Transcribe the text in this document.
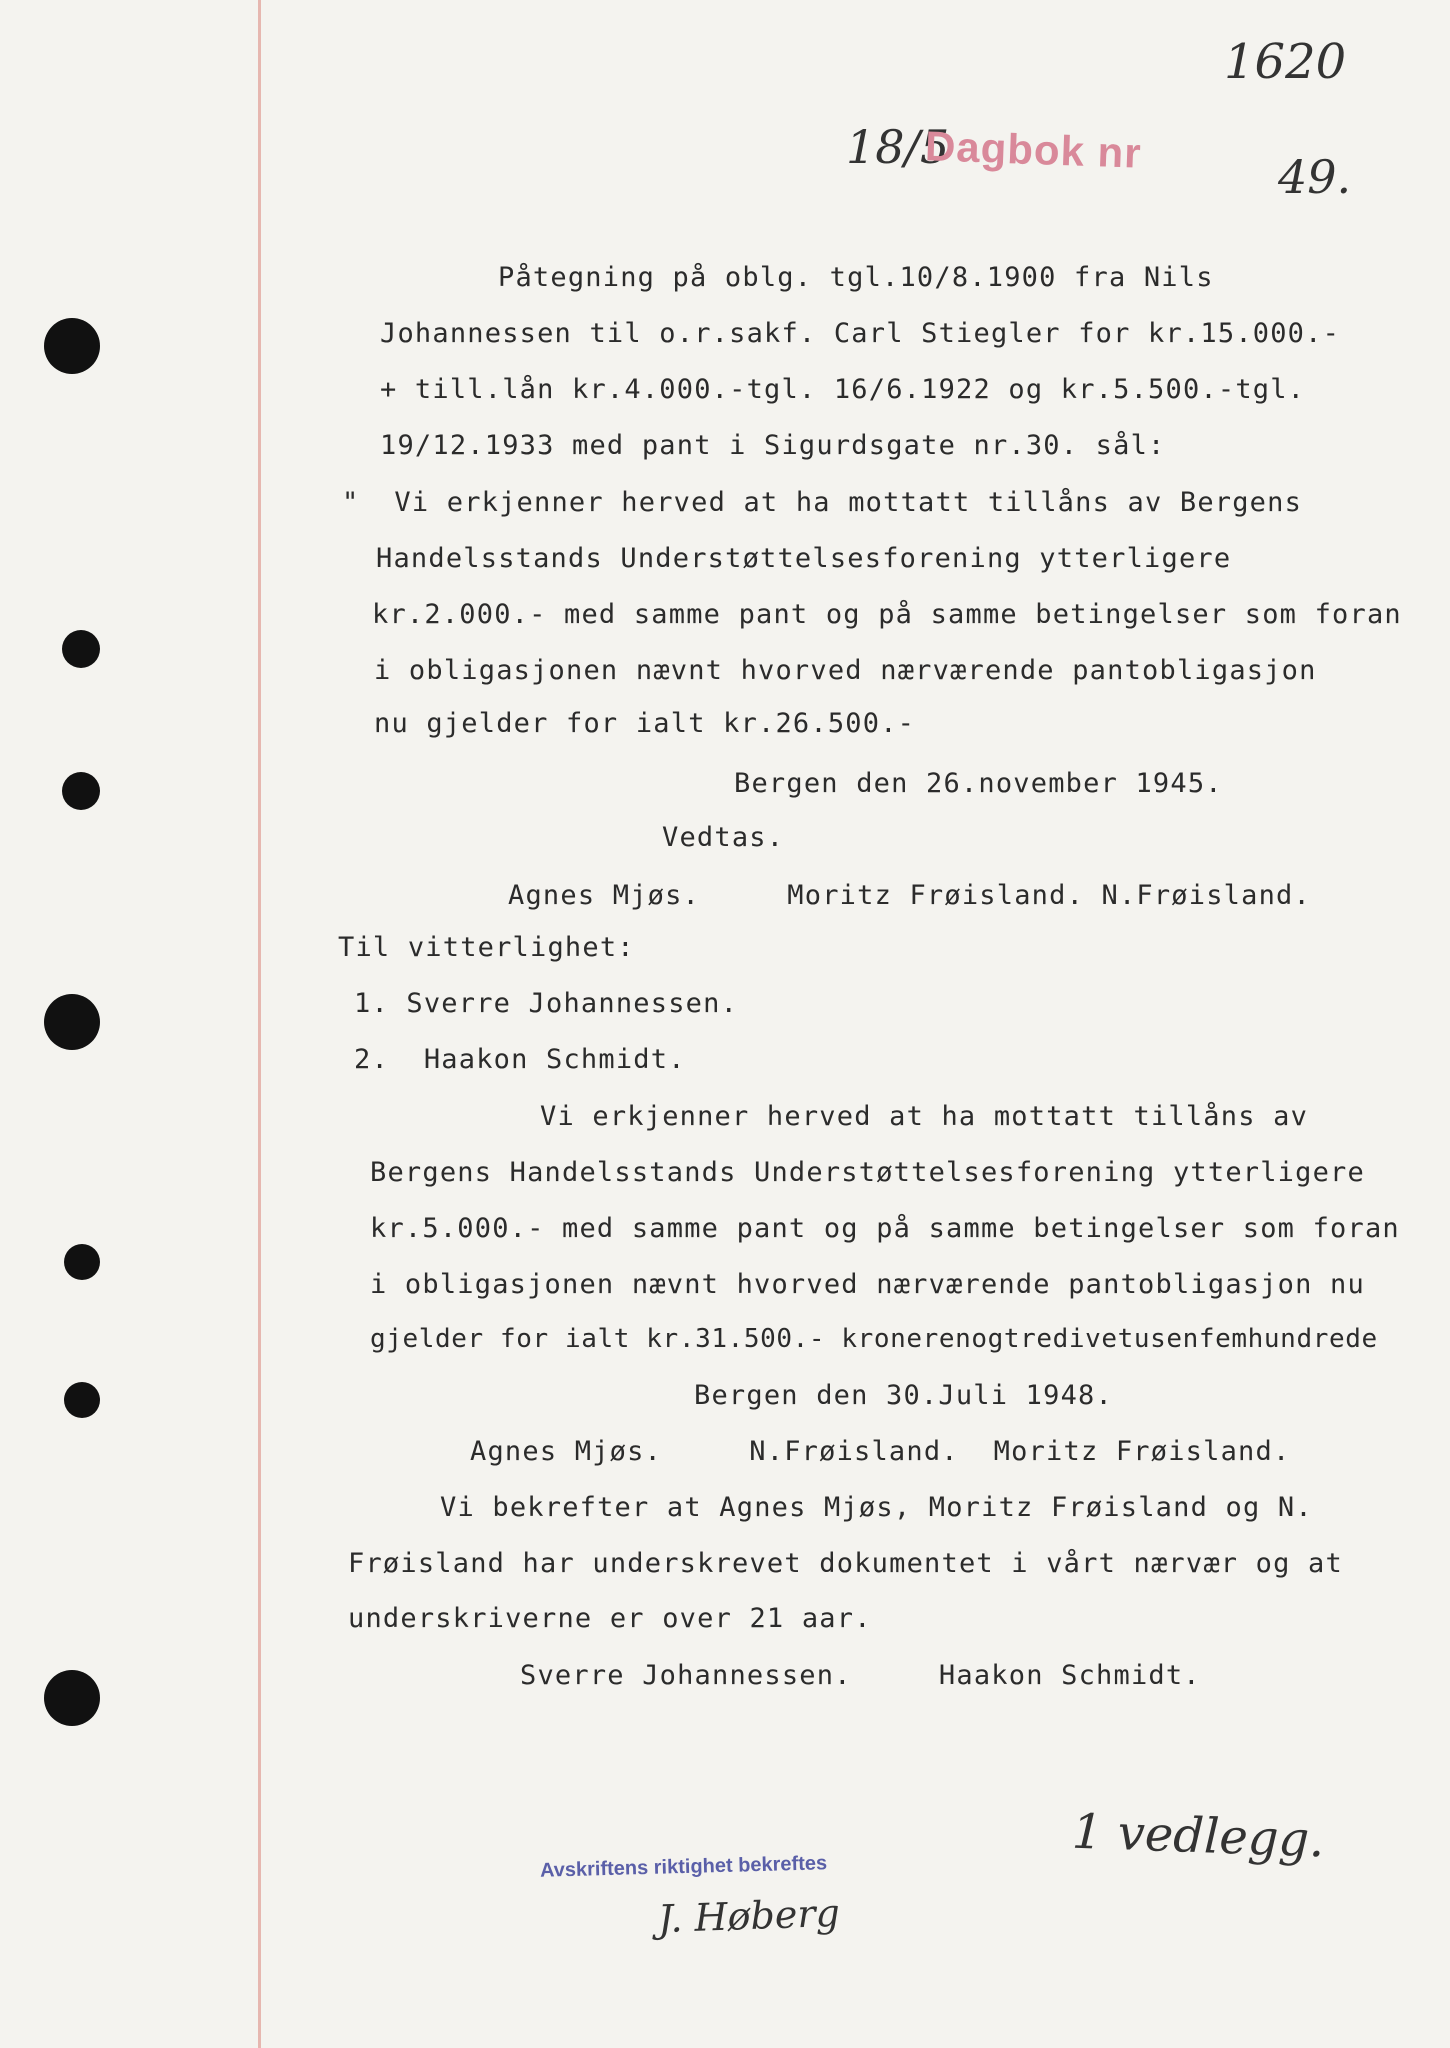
18/5
Dagbok nr
1620
49.
Påtegning på oblg. tgl.10/8.1900 fra Nils
Johannessen til o.r.sakf. Carl Stiegler for kr.15.000.-
+ till.lån kr.4.000.-tgl. 16/6.1922 og kr.5.500.-tgl.
19/12.1933 med pant i Sigurdsgate nr.30. sål:
"  Vi erkjenner herved at ha mottatt tillåns av Bergens
Handelsstands Understøttelsesforening ytterligere
kr.2.000.- med samme pant og på samme betingelser som foran
i obligasjonen nævnt hvorved nærværende pantobligasjon
nu gjelder for ialt kr.26.500.-
Bergen den 26.november 1945.
Vedtas.
Agnes Mjøs.     Moritz Frøisland. N.Frøisland.
Til vitterlighet:
1. Sverre Johannessen.
2.  Haakon Schmidt.
Vi erkjenner herved at ha mottatt tillåns av
Bergens Handelsstands Understøttelsesforening ytterligere
kr.5.000.- med samme pant og på samme betingelser som foran
i obligasjonen nævnt hvorved nærværende pantobligasjon nu
gjelder for ialt kr.31.500.- kronerenogtredivetusenfemhundrede
Bergen den 30.Juli 1948.
Agnes Mjøs.     N.Frøisland.  Moritz Frøisland.
Vi bekrefter at Agnes Mjøs, Moritz Frøisland og N.
Frøisland har underskrevet dokumentet i vårt nærvær og at
underskriverne er over 21 aar.
Sverre Johannessen.     Haakon Schmidt.
1 vedlegg.
Avskriftens riktighet bekreftes
J. Høberg
